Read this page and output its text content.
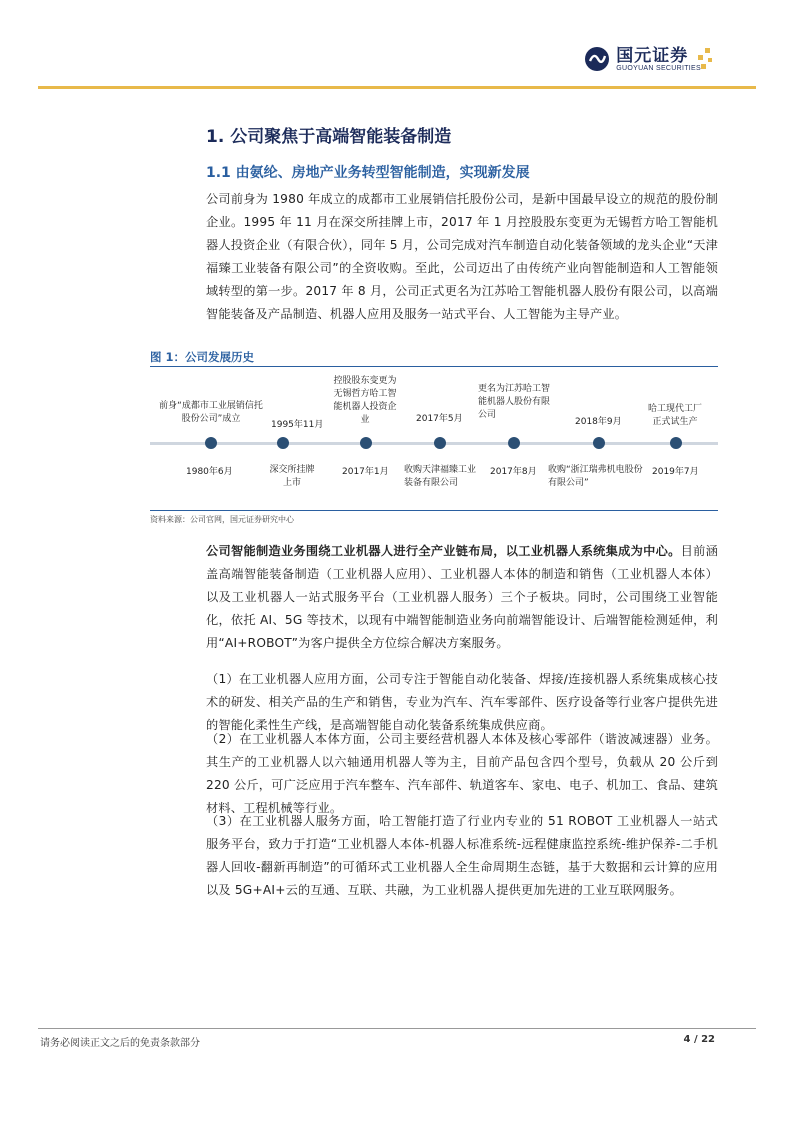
国元证券
GUOYUAN SECURITIES
1. 公司聚焦于高端智能装备制造
1.1 由氨纶、房地产业务转型智能制造，实现新发展
公司前身为 1980 年成立的成都市工业展销信托股份公司，是新中国最早设立的规范的股份制企业。1995 年 11 月在深交所挂牌上市，2017 年 1 月控股股东变更为无锡哲方哈工智能机器人投资企业（有限合伙），同年 5 月，公司完成对汽车制造自动化装备领域的龙头企业“天津福臻工业装备有限公司”的全资收购。至此，公司迈出了由传统产业向智能制造和人工智能领域转型的第一步。2017 年 8 月，公司正式更名为江苏哈工智能机器人股份有限公司，以高端智能装备及产品制造、机器人应用及服务一站式平台、人工智能为主导产业。
图 1：公司发展历史
前身“成都市工业展销信托股份公司”成立
1980年6月
1995年11月
深交所挂牌上市
控股股东变更为无锡哲方哈工智能机器人投资企业
2017年1月
2017年5月
收购天津福臻工业装备有限公司
更名为江苏哈工智能机器人股份有限公司
2017年8月
2018年9月
收购“浙江瑞弗机电股份有限公司”
哈工现代工厂正式试生产
2019年7月
资料来源：公司官网，国元证券研究中心
公司智能制造业务围绕工业机器人进行全产业链布局，以工业机器人系统集成为中心。目前涵盖高端智能装备制造（工业机器人应用）、工业机器人本体的制造和销售（工业机器人本体）以及工业机器人一站式服务平台（工业机器人服务）三个子板块。同时，公司围绕工业智能化，依托 AI、5G 等技术，以现有中端智能制造业务向前端智能设计、后端智能检测延伸，利用“AI+ROBOT”为客户提供全方位综合解决方案服务。
（1）在工业机器人应用方面，公司专注于智能自动化装备、焊接/连接机器人系统集成核心技术的研发、相关产品的生产和销售，专业为汽车、汽车零部件、医疗设备等行业客户提供先进的智能化柔性生产线，是高端智能自动化装备系统集成供应商。
（2）在工业机器人本体方面，公司主要经营机器人本体及核心零部件（谐波减速器）业务。其生产的工业机器人以六轴通用机器人等为主，目前产品包含四个型号，负载从 20 公斤到 220 公斤，可广泛应用于汽车整车、汽车部件、轨道客车、家电、电子、机加工、食品、建筑材料、工程机械等行业。
（3）在工业机器人服务方面，哈工智能打造了行业内专业的 51 ROBOT 工业机器人一站式服务平台，致力于打造“工业机器人本体-机器人标准系统-远程健康监控系统-维护保养-二手机器人回收-翻新再制造”的可循环式工业机器人全生命周期生态链，基于大数据和云计算的应用以及 5G+AI+云的互通、互联、共融，为工业机器人提供更加先进的工业互联网服务。
请务必阅读正文之后的免责条款部分	4 / 22
